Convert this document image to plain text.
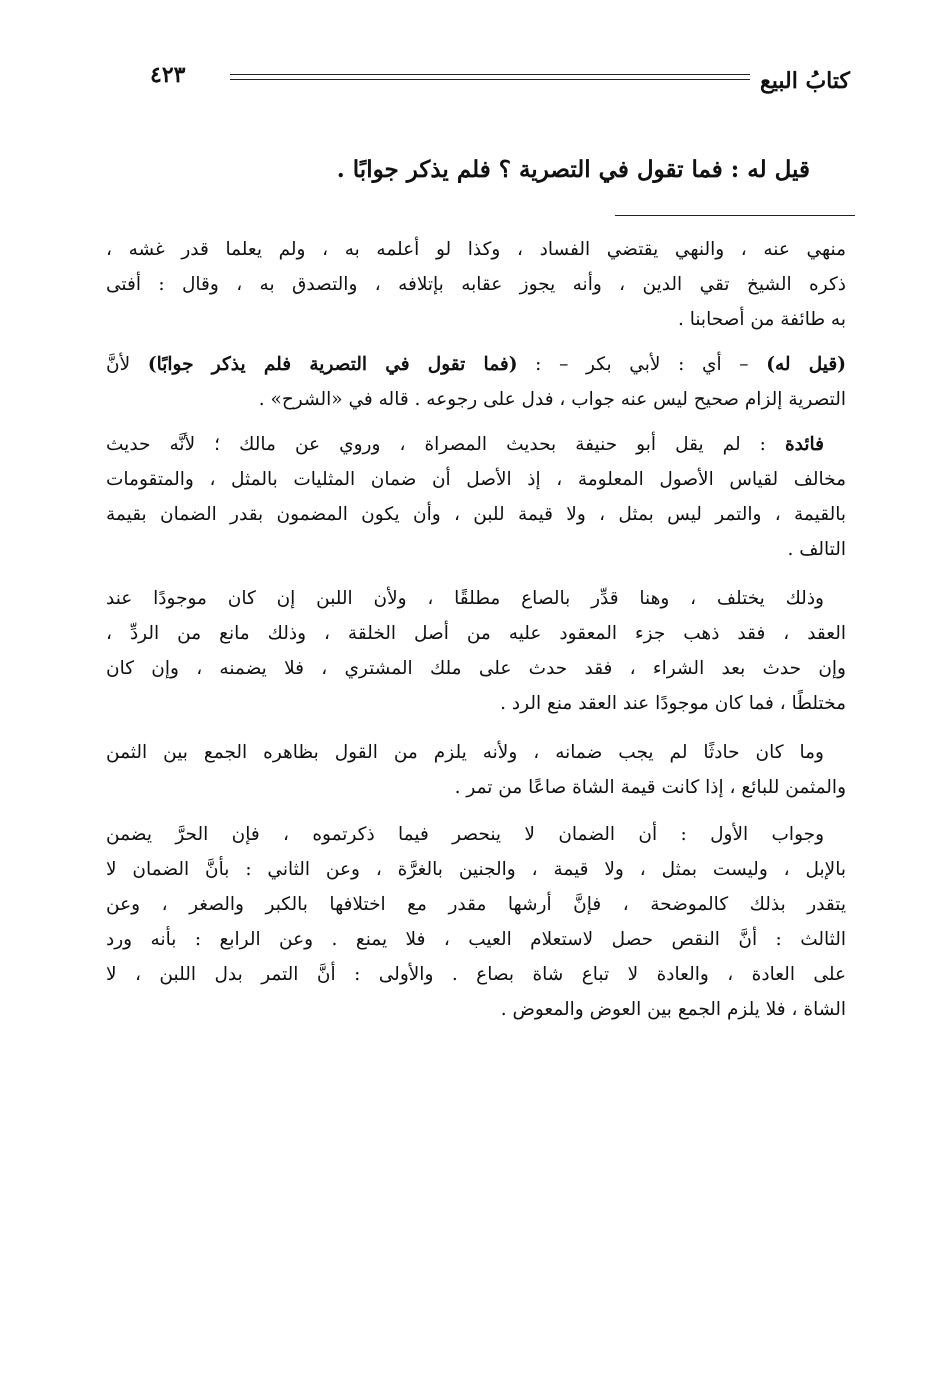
كتابُ البيع
٤٢٣
قيل له : فما تقول في التصرية ؟ فلم يذكر جوابًا .
منهي عنه ، والنهي يقتضي الفساد ، وكذا لو أعلمه به ، ولم يعلما قدر غشه ،
ذكره الشيخ تقي الدين ، وأنه يجوز عقابه بإتلافه ، والتصدق به ، وقال : أفتى
به طائفة من أصحابنا .
(قيل له) – أي : لأبي بكر – : (فما تقول في التصرية فلم يذكر جوابًا) لأنَّ
التصرية إلزام صحيح ليس عنه جواب ، فدل على رجوعه . قاله في «الشرح» .
فائدة : لم يقل أبو حنيفة بحديث المصراة ، وروي عن مالك ؛ لأنَّه حديث
مخالف لقياس الأصول المعلومة ، إذ الأصل أن ضمان المثليات بالمثل ، والمتقومات
بالقيمة ، والتمر ليس بمثل ، ولا قيمة للبن ، وأن يكون المضمون بقدر الضمان بقيمة
التالف .
وذلك يختلف ، وهنا قدِّر بالصاع مطلقًا ، ولأن اللبن إن كان موجودًا عند
العقد ، فقد ذهب جزء المعقود عليه من أصل الخلقة ، وذلك مانع من الردِّ ،
وإن حدث بعد الشراء ، فقد حدث على ملك المشتري ، فلا يضمنه ، وإن كان
مختلطًا ، فما كان موجودًا عند العقد منع الرد .
وما كان حادثًا لم يجب ضمانه ، ولأنه يلزم من القول بظاهره الجمع بين الثمن
والمثمن للبائع ، إذا كانت قيمة الشاة صاعًا من تمر .
وجواب الأول : أن الضمان لا ينحصر فيما ذكرتموه ، فإن الحرَّ يضمن
بالإبل ، وليست بمثل ، ولا قيمة ، والجنين بالغرَّة ، وعن الثاني : بأنَّ الضمان لا
يتقدر بذلك كالموضحة ، فإنَّ أرشها مقدر مع اختلافها بالكبر والصغر ، وعن
الثالث : أنَّ النقص حصل لاستعلام العيب ، فلا يمنع . وعن الرابع : بأنه ورد
على العادة ، والعادة لا تباع شاة بصاع . والأولى : أنَّ التمر بدل اللبن ، لا
الشاة ، فلا يلزم الجمع بين العوض والمعوض .
